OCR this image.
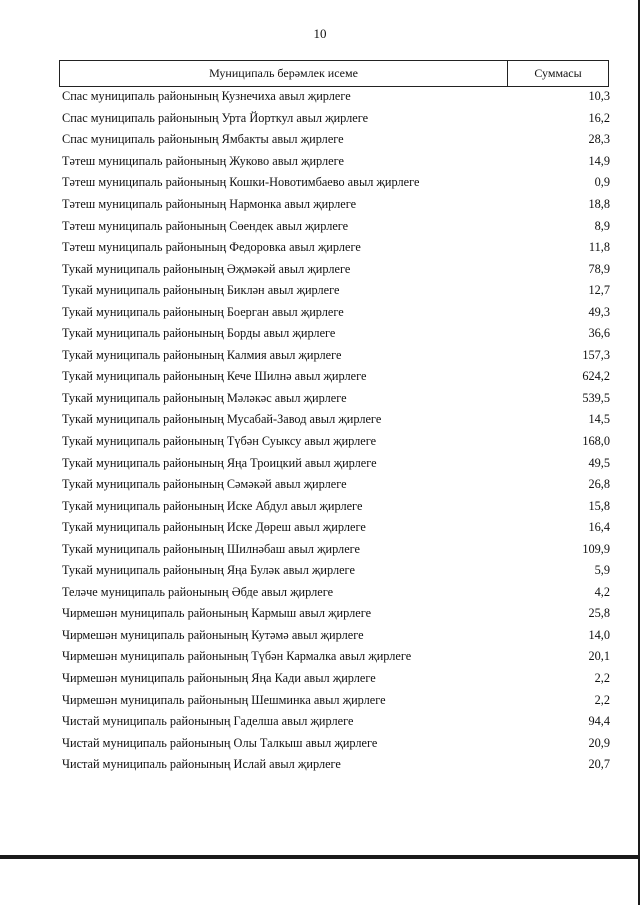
10
Муниципаль берәмлек исеме	Суммасы
Спас муниципаль районының Кузнечиха авыл җирлеге	10,3
Спас муниципаль районының Урта Йорткул авыл җирлеге	16,2
Спас муниципаль районының Ямбакты авыл җирлеге	28,3
Тәтеш муниципаль районының Жуково авыл җирлеге	14,9
Тәтеш муниципаль районының Кошки-Новотимбаево авыл җирлеге	0,9
Тәтеш муниципаль районының Нармонка авыл җирлеге	18,8
Тәтеш муниципаль районының Сөендек авыл җирлеге	8,9
Тәтеш муниципаль районының Федоровка авыл җирлеге	11,8
Тукай муниципаль районының Әҗмәкәй авыл җирлеге	78,9
Тукай муниципаль районының Биклән авыл җирлеге	12,7
Тукай муниципаль районының Боерган авыл җирлеге	49,3
Тукай муниципаль районының Борды авыл җирлеге	36,6
Тукай муниципаль районының Калмия авыл җирлеге	157,3
Тукай муниципаль районының Кече Шилнә авыл җирлеге	624,2
Тукай муниципаль районының Мәләкәс авыл җирлеге	539,5
Тукай муниципаль районының Мусабай-Завод авыл җирлеге	14,5
Тукай муниципаль районының Түбән Суыксу авыл җирлеге	168,0
Тукай муниципаль районының Яңа Троицкий авыл җирлеге	49,5
Тукай муниципаль районының Сәмәкәй авыл җирлеге	26,8
Тукай муниципаль районының Иске Абдул авыл җирлеге	15,8
Тукай муниципаль районының Иске Дөреш авыл җирлеге	16,4
Тукай муниципаль районының Шилнәбаш авыл җирлеге	109,9
Тукай муниципаль районының Яңа Буләк авыл җирлеге	5,9
Теләче муниципаль районының Әбде авыл җирлеге	4,2
Чирмешән муниципаль районының Кармыш авыл җирлеге	25,8
Чирмешән муниципаль районының Кутәмә авыл җирлеге	14,0
Чирмешән муниципаль районының Түбән Кармалка авыл җирлеге	20,1
Чирмешән муниципаль районының Яңа Кади авыл җирлеге	2,2
Чирмешән муниципаль районының Шешминка авыл җирлеге	2,2
Чистай муниципаль районының Гаделша авыл җирлеге	94,4
Чистай муниципаль районының Олы Талкыш авыл җирлеге	20,9
Чистай муниципаль районының Ислай авыл җирлеге	20,7
